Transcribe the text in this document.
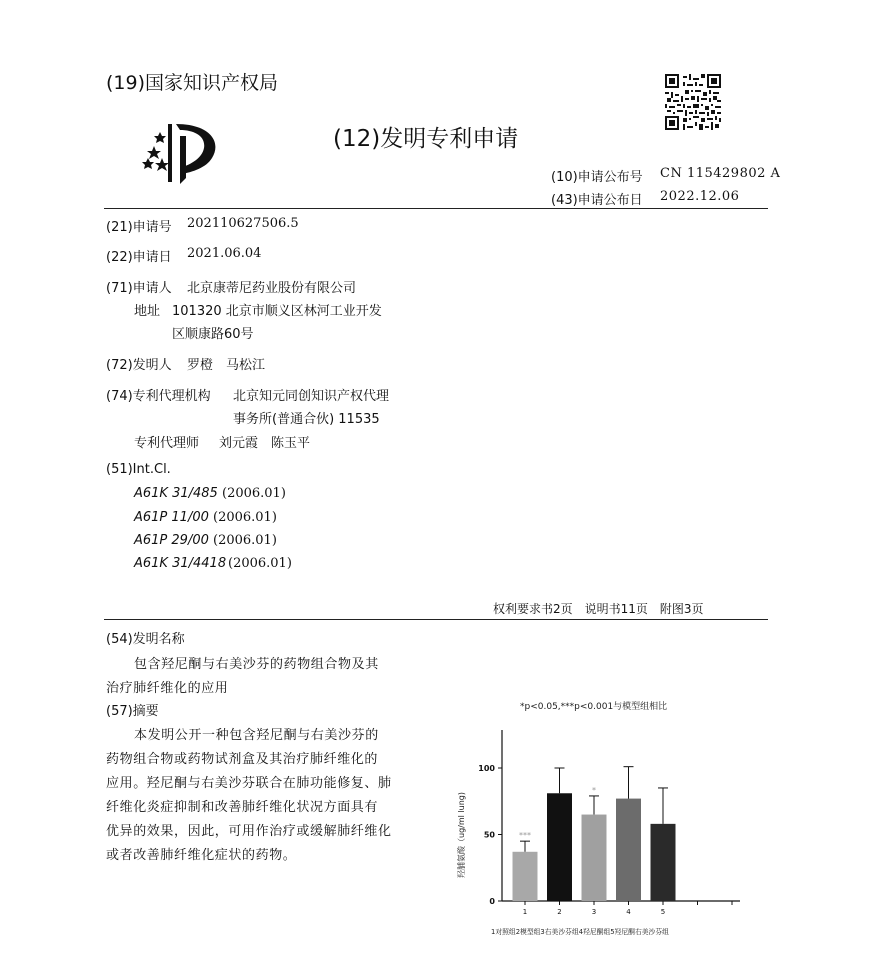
(19)国家知识产权局
(12)发明专利申请
(10)申请公布号 CN 115429802 A
(43)申请公布日 2022.12.06
(21)申请号 202110627506.5
(22)申请日 2021.06.04
(71)申请人 北京康蒂尼药业股份有限公司
地址 101320 北京市顺义区林河工业开发
区顺康路60号
(72)发明人 罗橙　马松江
(74)专利代理机构 北京知元同创知识产权代理
事务所(普通合伙) 11535
专利代理师 刘元霞　陈玉平
(51)Int.Cl.
A61K 31/485 (2006.01)
A61P 11/00 (2006.01)
A61P 29/00 (2006.01)
A61K 31/4418 (2006.01)
权利要求书2页　说明书11页　附图3页
(54)发明名称
包含羟尼酮与右美沙芬的药物组合物及其
治疗肺纤维化的应用
(57)摘要
本发明公开一种包含羟尼酮与右美沙芬的
药物组合物或药物试剂盒及其治疗肺纤维化的
应用。羟尼酮与右美沙芬联合在肺功能修复、肺
纤维化炎症抑制和改善肺纤维化状况方面具有
优异的效果，因此，可用作治疗或缓解肺纤维化
或者改善肺纤维化症状的药物。
*p<0.05,***p<0.001与模型组相比
羟脯氨酸（ug/ml lung)
1对照组2模型组3右美沙芬组4羟尼酮组5羟尼酮右美沙芬组
0
50
100
***
1	2
*
3	4	5
